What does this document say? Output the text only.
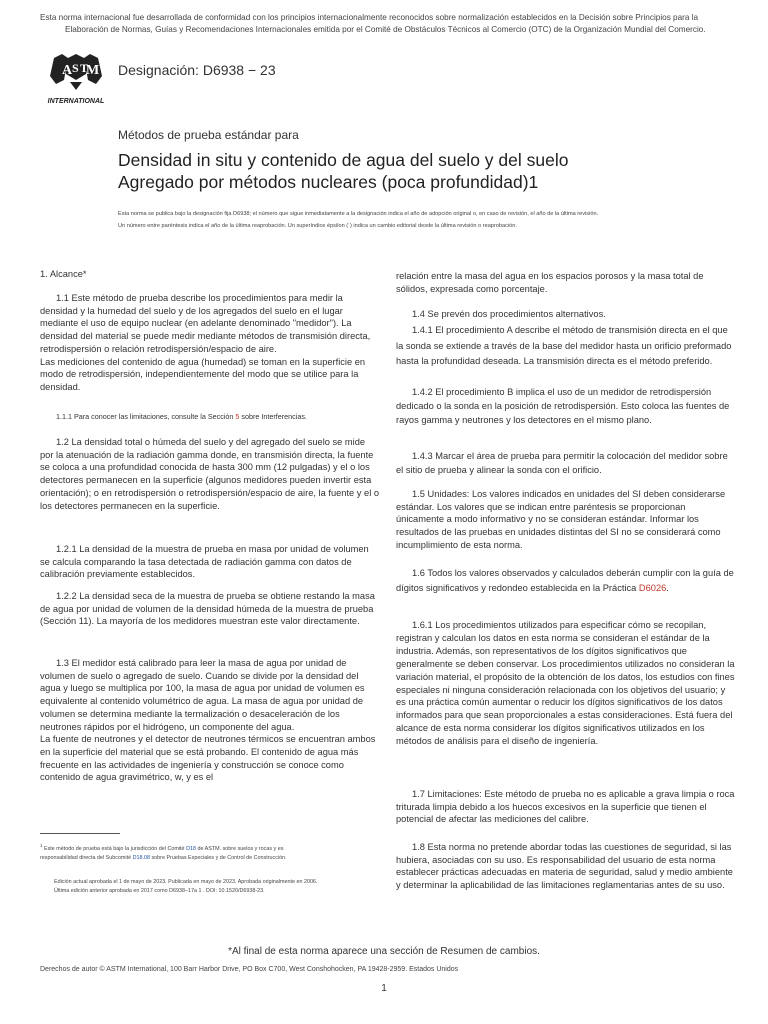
Esta norma internacional fue desarrollada de conformidad con los principios internacionalmente reconocidos sobre normalización establecidos en la Decisión sobre Principios para la
Elaboración de Normas, Guías y Recomendaciones Internacionales emitida por el Comité de Obstáculos Técnicos al Comercio (OTC) de la Organización Mundial del Comercio.
A S T
M
INTERNATIONAL
Designación: D6938 − 23
Métodos de prueba estándar para
Densidad in situ y contenido de agua del suelo y del suelo
Agregado por métodos nucleares (poca profundidad)1
Esta norma se publica bajo la designación fija D6938; el número que sigue inmediatamente a la designación indica el año de adopción original o, en caso de revisión, el año de la última revisión.
Un número entre paréntesis indica el año de la última reaprobación. Un superíndice épsilon (´) indica un cambio editorial desde la última revisión o reaprobación.
1. Alcance*

1.1 Este método de prueba describe los procedimientos para medir la densidad y la humedad del suelo y de los agregados del suelo en el lugar mediante el uso de equipo nuclear (en adelante denominado "medidor"). La densidad del material se puede medir mediante métodos de transmisión directa, retrodispersión o relación retrodispersión/espacio de aire.

Las mediciones del contenido de agua (humedad) se toman en la superficie en modo de retrodispersión, independientemente del modo que se utilice para la densidad.

1.1.1 Para conocer las limitaciones, consulte la Sección 5 sobre Interferencias.
1.2 La densidad total o húmeda del suelo y del agregado del suelo se mide por la atenuación de la radiación gamma donde, en transmisión directa, la fuente se coloca a una profundidad conocida de hasta 300 mm (12 pulgadas) y el o los detectores permanecen en la superficie (algunos medidores pueden invertir esta orientación); o en retrodispersión o retrodispersión/espacio de aire, la fuente y el o los detectores permanecen en la superficie.
1.2.1 La densidad de la muestra de prueba en masa por unidad de volumen se calcula comparando la tasa detectada de radiación gamma con datos de calibración previamente establecidos.
1.2.2 La densidad seca de la muestra de prueba se obtiene restando la masa de agua por unidad de volumen de la densidad húmeda de la muestra de prueba (Sección 11). La mayoría de los medidores muestran este valor directamente.

1.3 El medidor está calibrado para leer la masa de agua por unidad de volumen de suelo o agregado de suelo. Cuando se divide por la densidad del agua y luego se multiplica por 100, la masa de agua por unidad de volumen es equivalente al contenido volumétrico de agua. La masa de agua por unidad de volumen se determina mediante la termalización o desaceleración de los neutrones rápidos por el hidrógeno, un componente del agua.

La fuente de neutrones y el detector de neutrones térmicos se encuentran ambos en la superficie del material que se está probando. El contenido de agua más frecuente en las actividades de ingeniería y construcción se conoce como contenido de agua gravimétrico, w, y es el

$^1$ Este método de prueba está bajo la jurisdicción del Comité D18 de ASTM. sobre suelos y rocas y es
responsabilidad directa del Subcomité D18.08 sobre Pruebas Especiales y de Control de Construcción.
Edición actual aprobada el 1 de mayo de 2023. Publicada en mayo de 2023. Aprobada originalmente en 2006.
Última edición anterior aprobada en 2017 como D6938–17a 1 . DOI: 10.1520/D6938-23.
relación entre la masa del agua en los espacios porosos y la masa total de sólidos, expresada como porcentaje.
1.4 Se prevén dos procedimientos alternativos.
1.4.1 El procedimiento A describe el método de transmisión directa en el que la sonda se extiende a través de la base del medidor hasta un orificio preformado hasta la profundidad deseada. La transmisión directa es el método preferido.
1.4.2 El procedimiento B implica el uso de un medidor de retrodispersión dedicado o la sonda en la posición de retrodispersión. Esto coloca las fuentes de rayos gamma y neutrones y los detectores en el mismo plano.
1.4.3 Marcar el área de prueba para permitir la colocación del medidor sobre el sitio de prueba y alinear la sonda con el orificio.
1.5 Unidades: Los valores indicados en unidades del SI deben considerarse estándar. Los valores que se indican entre paréntesis se proporcionan únicamente a modo informativo y no se consideran estándar. Informar los resultados de las pruebas en unidades distintas del SI no se considerará como incumplimiento de esta norma.
1.6 Todos los valores observados y calculados deberán cumplir con la guía de dígitos significativos y redondeo establecida en la Práctica D6026.
1.6.1 Los procedimientos utilizados para especificar cómo se recopilan, registran y calculan los datos en esta norma se consideran el estándar de la industria. Además, son representativos de los dígitos significativos que generalmente se deben conservar. Los procedimientos utilizados no consideran la variación material, el propósito de la obtención de los datos, los estudios con fines especiales ni ninguna consideración relacionada con los objetivos del usuario; y es una práctica común aumentar o reducir los dígitos significativos de los datos informados para que sean proporcionales a estas consideraciones. Está fuera del alcance de esta norma considerar los dígitos significativos utilizados en los métodos de análisis para el diseño de ingeniería.
1.7 Limitaciones: Este método de prueba no es aplicable a grava limpia o roca triturada limpia debido a los huecos excesivos en la superficie que tienen el potencial de afectar las mediciones del calibre.
1.8 Esta norma no pretende abordar todas las cuestiones de seguridad, si las hubiera, asociadas con su uso. Es responsabilidad del usuario de esta norma establecer prácticas adecuadas en materia de seguridad, salud y medio ambiente y determinar la aplicabilidad de las limitaciones reglamentarias antes de su uso.
*Al final de esta norma aparece una sección de Resumen de cambios.
Derechos de autor © ASTM International, 100 Barr Harbor Drive, PO Box C700, West Conshohocken, PA 19428-2959. Estados Unidos
1
